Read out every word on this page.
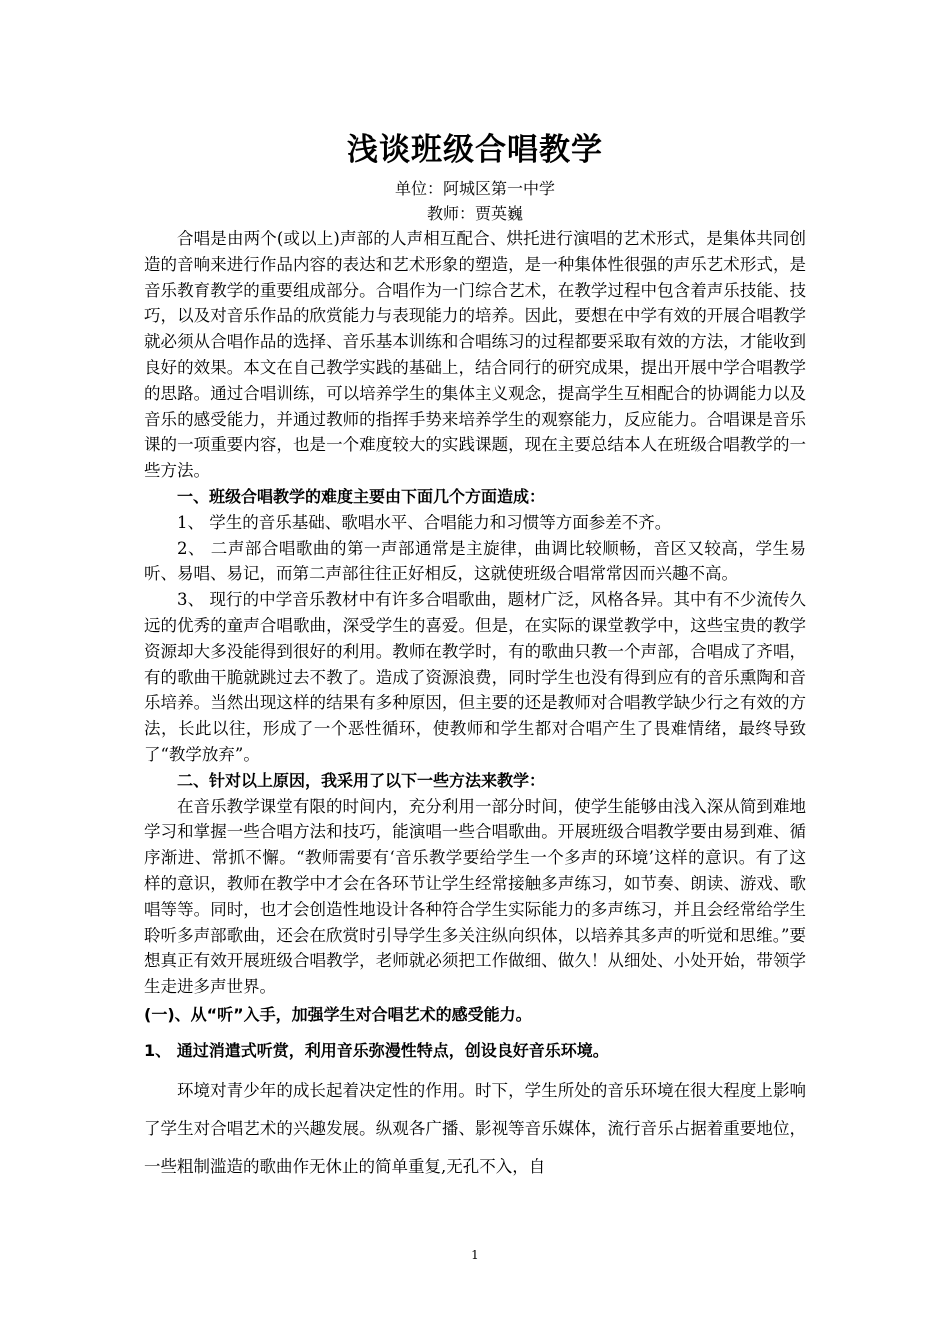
浅谈班级合唱教学
单位：阿城区第一中学
教师：贾英巍

合唱是由两个(或以上)声部的人声相互配合、烘托进行演唱的艺术形式，是集体共同创造的音响来进行作品内容的表达和艺术形象的塑造，是一种集体性很强的声乐艺术形式，是音乐教育教学的重要组成部分。合唱作为一门综合艺术，在教学过程中包含着声乐技能、技巧，以及对音乐作品的欣赏能力与表现能力的培养。因此，要想在中学有效的开展合唱教学就必须从合唱作品的选择、音乐基本训练和合唱练习的过程都要采取有效的方法，才能收到良好的效果。本文在自己教学实践的基础上，结合同行的研究成果，提出开展中学合唱教学的思路。通过合唱训练，可以培养学生的集体主义观念，提高学生互相配合的协调能力以及音乐的感受能力，并通过教师的指挥手势来培养学生的观察能力，反应能力。合唱课是音乐课的一项重要内容，也是一个难度较大的实践课题，现在主要总结本人在班级合唱教学的一些方法。

一、班级合唱教学的难度主要由下面几个方面造成：

1、 学生的音乐基础、歌唱水平、合唱能力和习惯等方面参差不齐。

2、 二声部合唱歌曲的第一声部通常是主旋律，曲调比较顺畅，音区又较高，学生易听、易唱、易记，而第二声部往往正好相反，这就使班级合唱常常因而兴趣不高。

3、 现行的中学音乐教材中有许多合唱歌曲，题材广泛，风格各异。其中有不少流传久远的优秀的童声合唱歌曲，深受学生的喜爱。但是，在实际的课堂教学中，这些宝贵的教学资源却大多没能得到很好的利用。教师在教学时，有的歌曲只教一个声部，合唱成了齐唱，有的歌曲干脆就跳过去不教了。造成了资源浪费，同时学生也没有得到应有的音乐熏陶和音乐培养。当然出现这样的结果有多种原因，但主要的还是教师对合唱教学缺少行之有效的方法，长此以往，形成了一个恶性循环，使教师和学生都对合唱产生了畏难情绪，最终导致了“教学放弃”。

二、针对以上原因，我采用了以下一些方法来教学：

在音乐教学课堂有限的时间内，充分利用一部分时间，使学生能够由浅入深从简到难地学习和掌握一些合唱方法和技巧，能演唱一些合唱歌曲。开展班级合唱教学要由易到难、循序渐进、常抓不懈。“教师需要有‘音乐教学要给学生一个多声的环境’这样的意识。有了这样的意识，教师在教学中才会在各环节让学生经常接触多声练习，如节奏、朗读、游戏、歌唱等等。同时，也才会创造性地设计各种符合学生实际能力的多声练习，并且会经常给学生聆听多声部歌曲，还会在欣赏时引导学生多关注纵向织体，以培养其多声的听觉和思维。”要想真正有效开展班级合唱教学，老师就必须把工作做细、做久！从细处、小处开始，带领学生走进多声世界。

(一)、从“听”入手，加强学生对合唱艺术的感受能力。

1、 通过消遣式听赏，利用音乐弥漫性特点，创设良好音乐环境。

环境对青少年的成长起着决定性的作用。时下，学生所处的音乐环境在很大程度上影响了学生对合唱艺术的兴趣发展。纵观各广播、影视等音乐媒体，流行音乐占据着重要地位，一些粗制滥造的歌曲作无休止的简单重复,无孔不入，自

1
